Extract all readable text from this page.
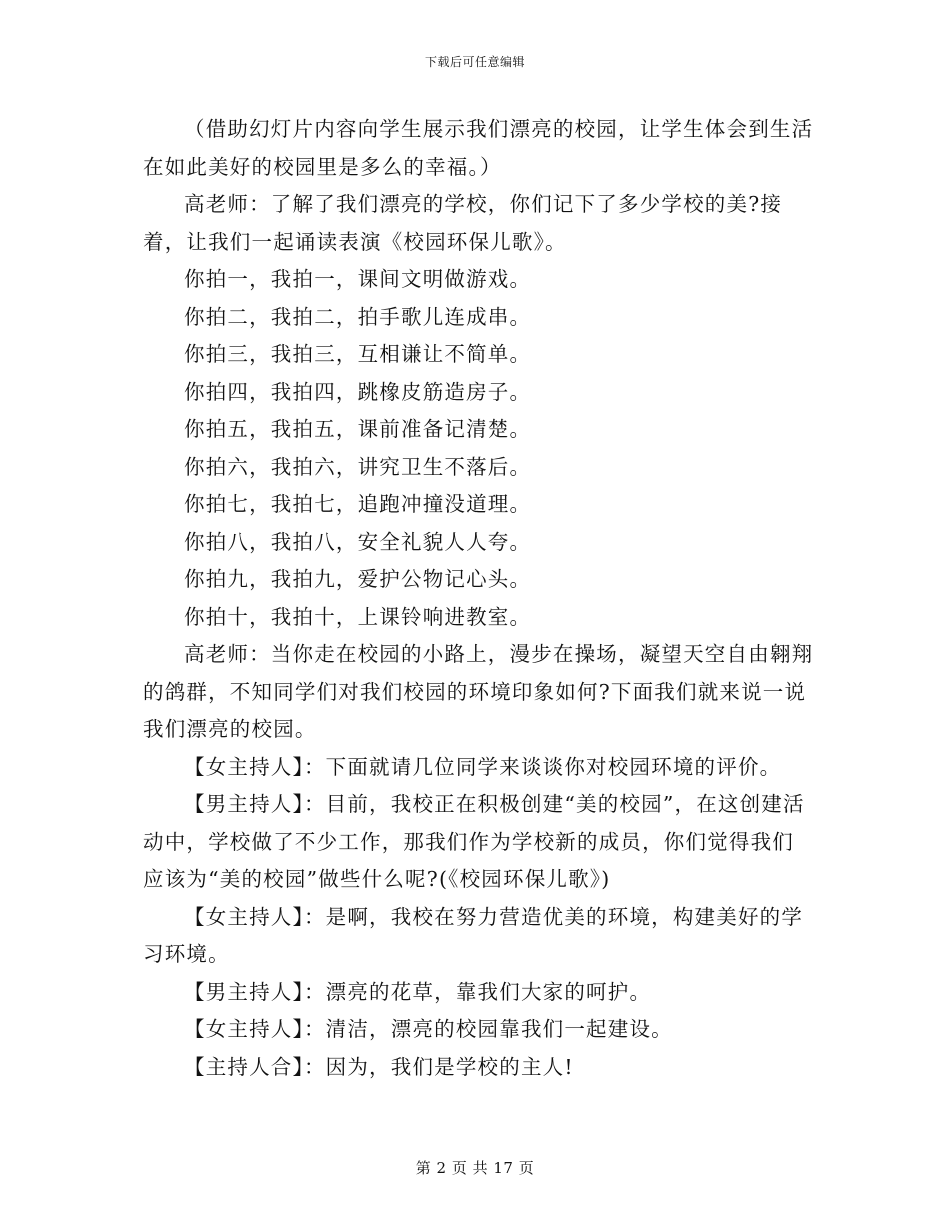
下载后可任意编辑

（借助幻灯片内容向学生展示我们漂亮的校园，让学生体会到生活在如此美好的校园里是多么的幸福。）

高老师：了解了我们漂亮的学校，你们记下了多少学校的美?接着，让我们一起诵读表演《校园环保儿歌》。

你拍一，我拍一，课间文明做游戏。

你拍二，我拍二，拍手歌儿连成串。

你拍三，我拍三，互相谦让不简单。

你拍四，我拍四，跳橡皮筋造房子。

你拍五，我拍五，课前准备记清楚。

你拍六，我拍六，讲究卫生不落后。

你拍七，我拍七，追跑冲撞没道理。

你拍八，我拍八，安全礼貌人人夸。

你拍九，我拍九，爱护公物记心头。

你拍十，我拍十，上课铃响进教室。

高老师：当你走在校园的小路上，漫步在操场，凝望天空自由翱翔的鸽群，不知同学们对我们校园的环境印象如何?下面我们就来说一说我们漂亮的校园。

【女主持人】：下面就请几位同学来谈谈你对校园环境的评价。

【男主持人】：目前，我校正在积极创建“美的校园”，在这创建活动中，学校做了不少工作，那我们作为学校新的成员，你们觉得我们应该为“美的校园”做些什么呢?(《校园环保儿歌》)

【女主持人】：是啊，我校在努力营造优美的环境，构建美好的学习环境。

【男主持人】：漂亮的花草，靠我们大家的呵护。

【女主持人】：清洁，漂亮的校园靠我们一起建设。

【主持人合】：因为，我们是学校的主人!

第 2 页 共 17 页
